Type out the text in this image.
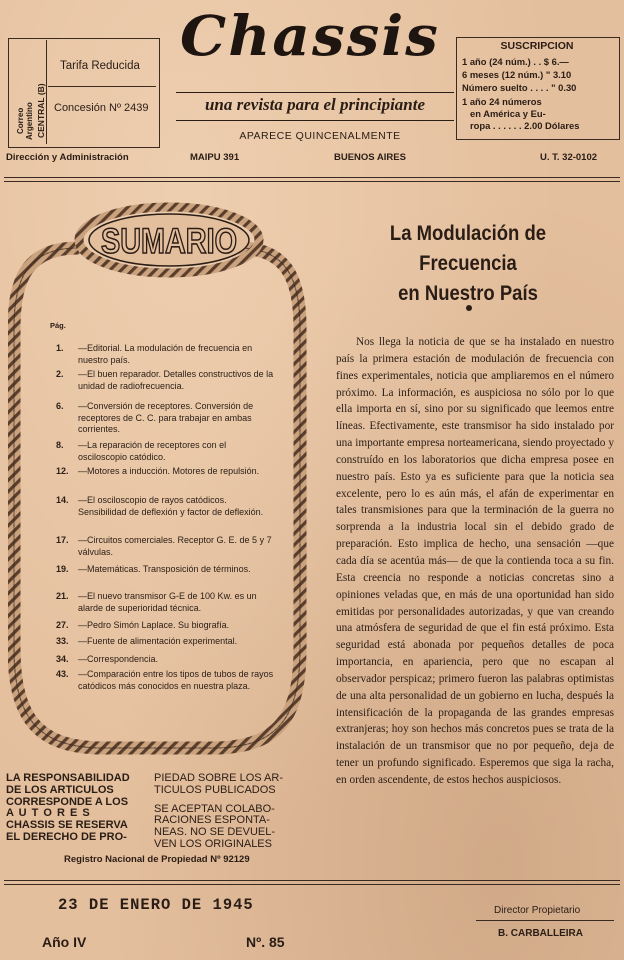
Correo Argentino CENTRAL (B)
Tarifa Reducida
Concesión Nº 2439
Chassis
una revista para el principiante
APARECE QUINCENALMENTE
SUSCRIPCION
1 año (24 núm.) . . $ 6.—
6 meses (12 núm.) " 3.10
Número suelto . . . . " 0.30
1 año 24 números
en América y Eu-
ropa . . . . . . 2.00 Dólares
Dirección y Administración	MAIPU 391	BUENOS AIRES	U. T. 32-0102
SUMARIO
Pág.
1.	—Editorial. La modulación de frecuencia en nuestro país.
2.	—El buen reparador. Detalles constructivos de la unidad de radiofrecuencia.
6.	—Conversión de receptores. Conversión de receptores de C. C. para trabajar en ambas corrientes.
8.	—La reparación de receptores con el osciloscopio catódico.
12.	—Motores a inducción. Motores de repulsión.
14.	—El osciloscopio de rayos catódicos. Sensibilidad de deflexión y factor de deflexión.
17.	—Circuitos comerciales. Receptor G. E. de 5 y 7 válvulas.
19.	—Matemáticas. Transposición de términos.
21.	—El nuevo transmisor G-E de 100 Kw. es un alarde de superioridad técnica.
27.	—Pedro Simón Laplace. Su biografía.
33.	—Fuente de alimentación experimental.
34.	—Correspondencia.
43.	—Comparación entre los tipos de tubos de rayos catódicos más conocidos en nuestra plaza.
LA RESPONSABILIDAD
DE LOS ARTICULOS
CORRESPONDE A LOS
A U T O R E S
CHASSIS SE RESERVA
EL DERECHO DE PRO-
PIEDAD SOBRE LOS AR-
TICULOS PUBLICADOS
SE ACEPTAN COLABO-
RACIONES ESPONTA-
NEAS. NO SE DEVUEL-
VEN LOS ORIGINALES
Registro Nacional de Propiedad Nº 92129
La Modulación de Frecuencia
en Nuestro País

Nos llega la noticia de que se ha instalado en nuestro país la primera estación de modulación de frecuencia con fines experimentales, noticia que ampliaremos en el número próximo. La información, es auspiciosa no sólo por lo que ella importa en sí, sino por su significado que leemos entre líneas. Efectivamente, este transmisor ha sido instalado por una importante empresa norteamericana, siendo proyectado y construído en los laboratorios que dicha empresa posee en nuestro país. Esto ya es suficiente para que la noticia sea excelente, pero lo es aún más, el afán de experimentar en tales transmisiones para que la terminación de la guerra no sorprenda a la industria local sin el debido grado de preparación. Esto implica de hecho, una sensación —que cada día se acentúa más— de que la contienda toca a su fin. Esta creencia no responde a noticias concretas sino a opiniones veladas que, en más de una oportunidad han sido emitidas por personalidades autorizadas, y que van creando una atmósfera de seguridad de que el fin está próximo. Esta seguridad está abonada por pequeños detalles de poca importancia, en apariencia, pero que no escapan al observador perspicaz; primero fueron las palabras optimistas de una alta personalidad de un gobierno en lucha, después la intensificación de la propaganda de las grandes empresas extranjeras; hoy son hechos más concretos pues se trata de la instalación de un transmisor que no por pequeño, deja de tener un profundo significado. Esperemos que siga la racha, en orden ascendente, de estos hechos auspiciosos.

23 DE ENERO DE 1945
Año IV	Nº. 85
Director Propietario
B. CARBALLEIRA
